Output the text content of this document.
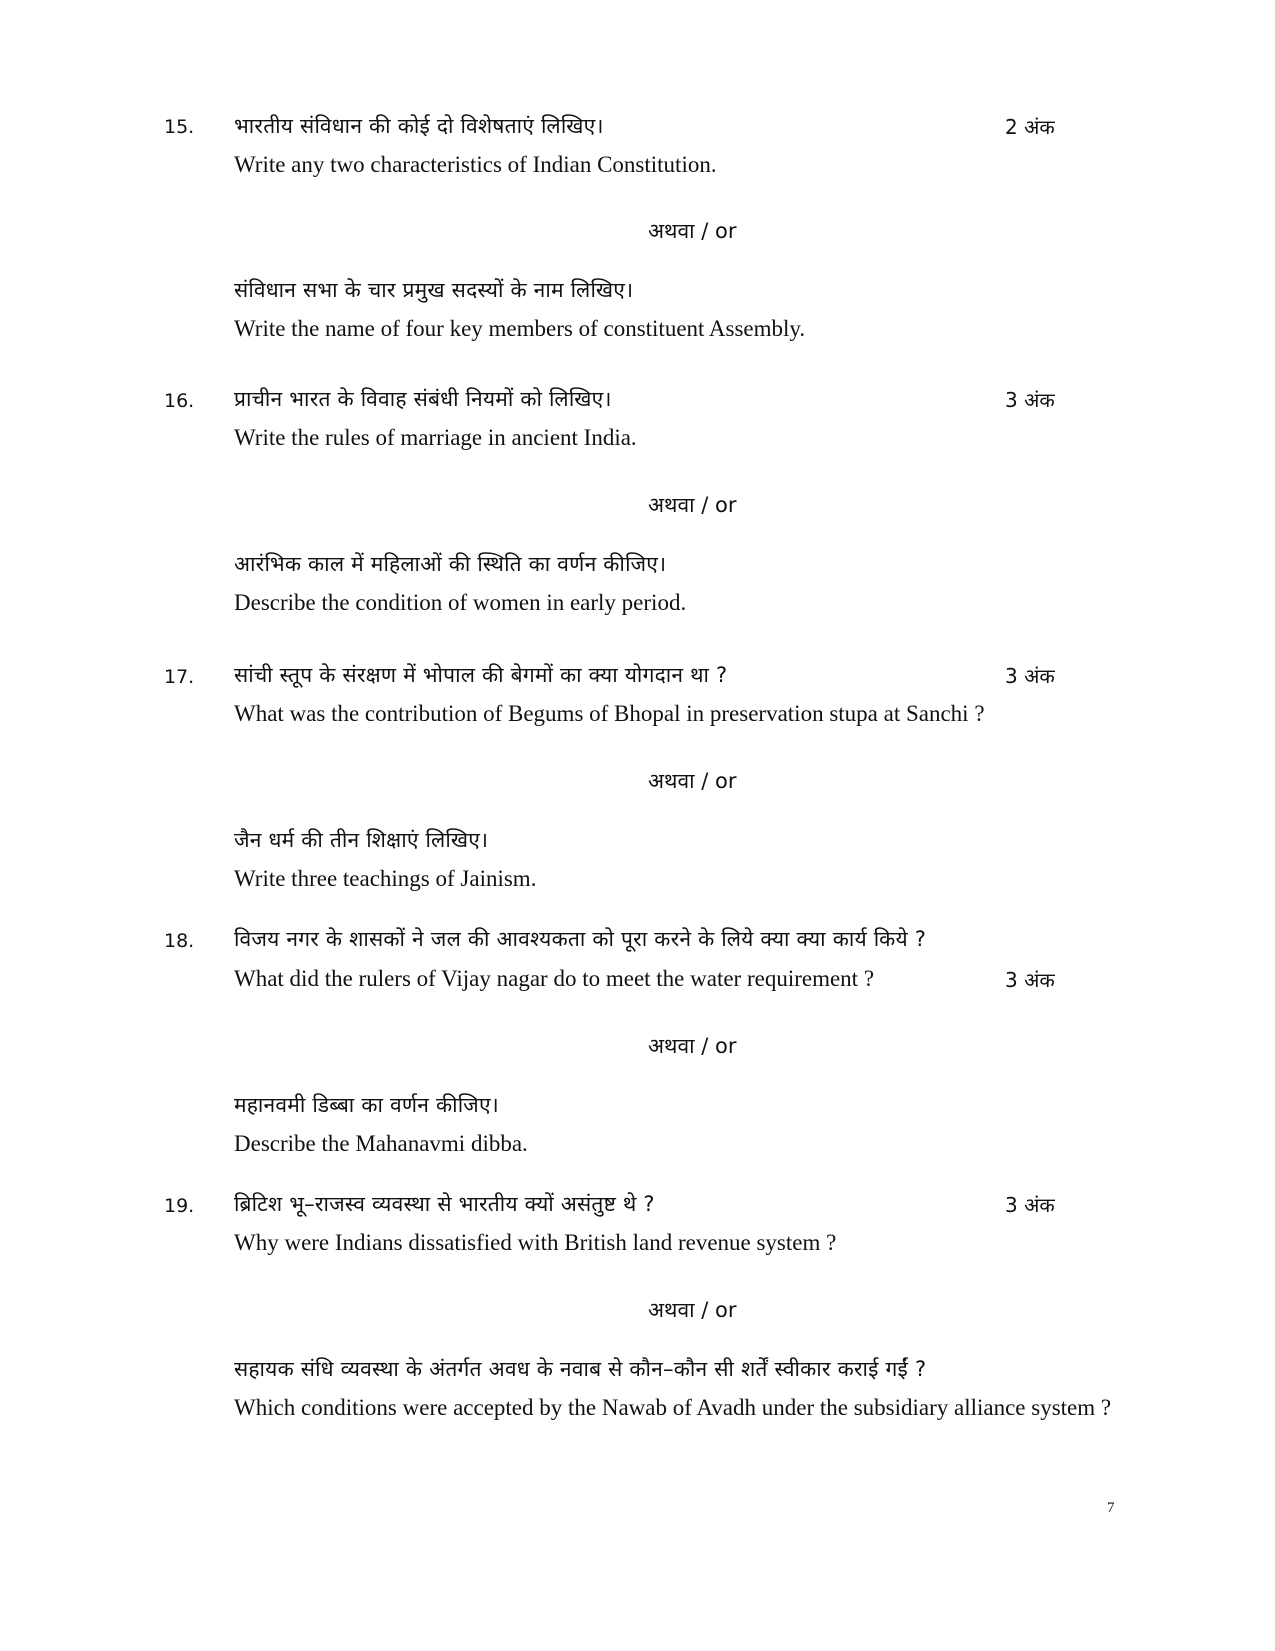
15. भारतीय संविधान की कोई दो विशेषताएं लिखिए।	2 अंक
Write any two characteristics of Indian Constitution.
अथवा / or
संविधान सभा के चार प्रमुख सदस्यों के नाम लिखिए।
Write the name of four key members of constituent Assembly.
16. प्राचीन भारत के विवाह संबंधी नियमों को लिखिए।	3 अंक
Write the rules of marriage in ancient India.
अथवा / or
आरंभिक काल में महिलाओं की स्थिति का वर्णन कीजिए।
Describe the condition of women in early period.
17. सांची स्तूप के संरक्षण में भोपाल की बेगमों का क्या योगदान था ?	3 अंक
What was the contribution of Begums of Bhopal in preservation stupa at Sanchi ?
अथवा / or
जैन धर्म की तीन शिक्षाएं लिखिए।
Write three teachings of Jainism.
18. विजय नगर के शासकों ने जल की आवश्यकता को पूरा करने के लिये क्या क्या कार्य किये ?
What did the rulers of Vijay nagar do to meet the water requirement ?	3 अंक
अथवा / or
महानवमी डिब्बा का वर्णन कीजिए।
Describe the Mahanavmi dibba.
19. ब्रिटिश भू–राजस्व व्यवस्था से भारतीय क्यों असंतुष्ट थे ?	3 अंक
Why were Indians dissatisfied with British land revenue system ?
अथवा / or
सहायक संधि व्यवस्था के अंतर्गत अवध के नवाब से कौन–कौन सी शर्तें स्वीकार कराई गईं ?
Which conditions were accepted by the Nawab of Avadh under the subsidiary alliance system ?
7
